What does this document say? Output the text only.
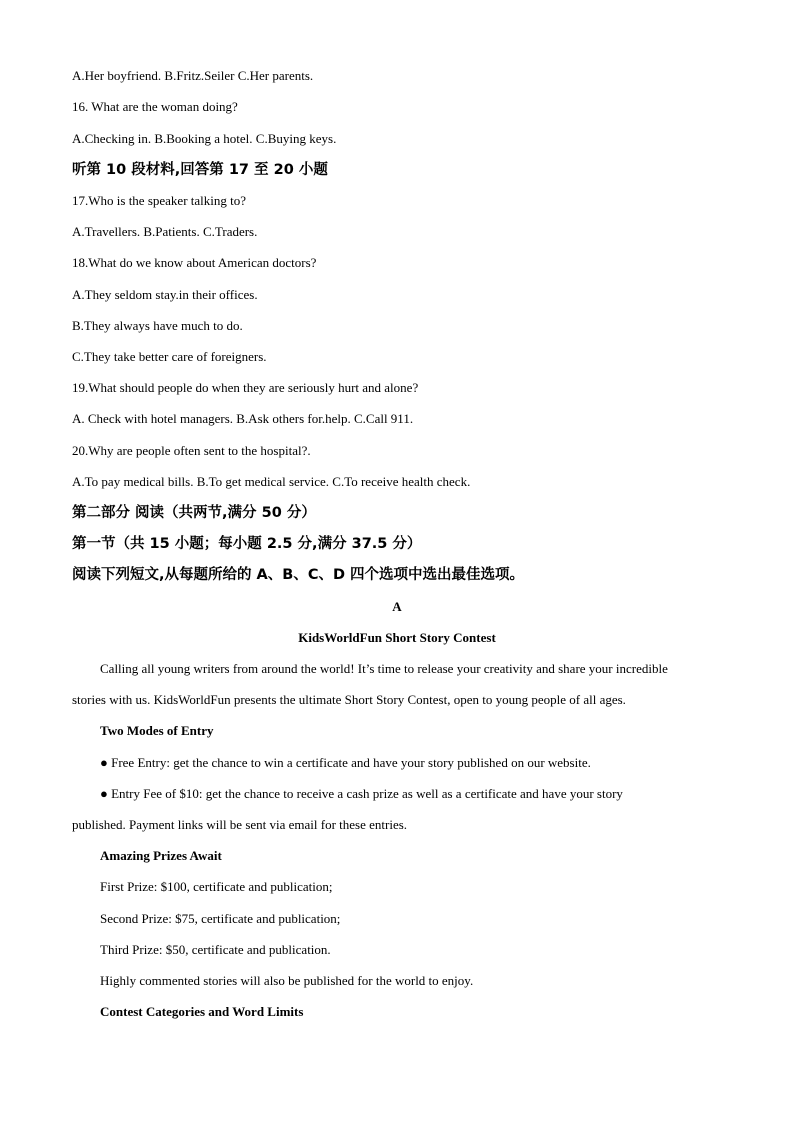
A.Her boyfriend. B.Fritz.Seiler C.Her parents.
16. What are the woman doing?
A.Checking in. B.Booking a hotel. C.Buying keys.
听第 10 段材料,回答第 17 至 20 小题
17.Who is the speaker talking to?
A.Travellers. B.Patients. C.Traders.
18.What do we know about American doctors?
A.They seldom stay.in their offices.
B.They always have much to do.
C.They take better care of foreigners.
19.What should people do when they are seriously hurt and alone?
A. Check with hotel managers. B.Ask others for.help. C.Call 911.
20.Why are people often sent to the hospital?.
A.To pay medical bills. B.To get medical service. C.To receive health check.
第二部分 阅读（共两节,满分 50 分）
第一节（共 15 小题；每小题 2.5 分,满分 37.5 分）
阅读下列短文,从每题所给的 A、B、C、D 四个选项中选出最佳选项。
A
KidsWorldFun Short Story Contest
Calling all young writers from around the world! It’s time to release your creativity and share your incredible
stories with us. KidsWorldFun presents the ultimate Short Story Contest, open to young people of all ages.
Two Modes of Entry
● Free Entry: get the chance to win a certificate and have your story published on our website.
● Entry Fee of $10: get the chance to receive a cash prize as well as a certificate and have your story
published. Payment links will be sent via email for these entries.
Amazing Prizes Await
First Prize: $100, certificate and publication;
Second Prize: $75, certificate and publication;
Third Prize: $50, certificate and publication.
Highly commented stories will also be published for the world to enjoy.
Contest Categories and Word Limits
